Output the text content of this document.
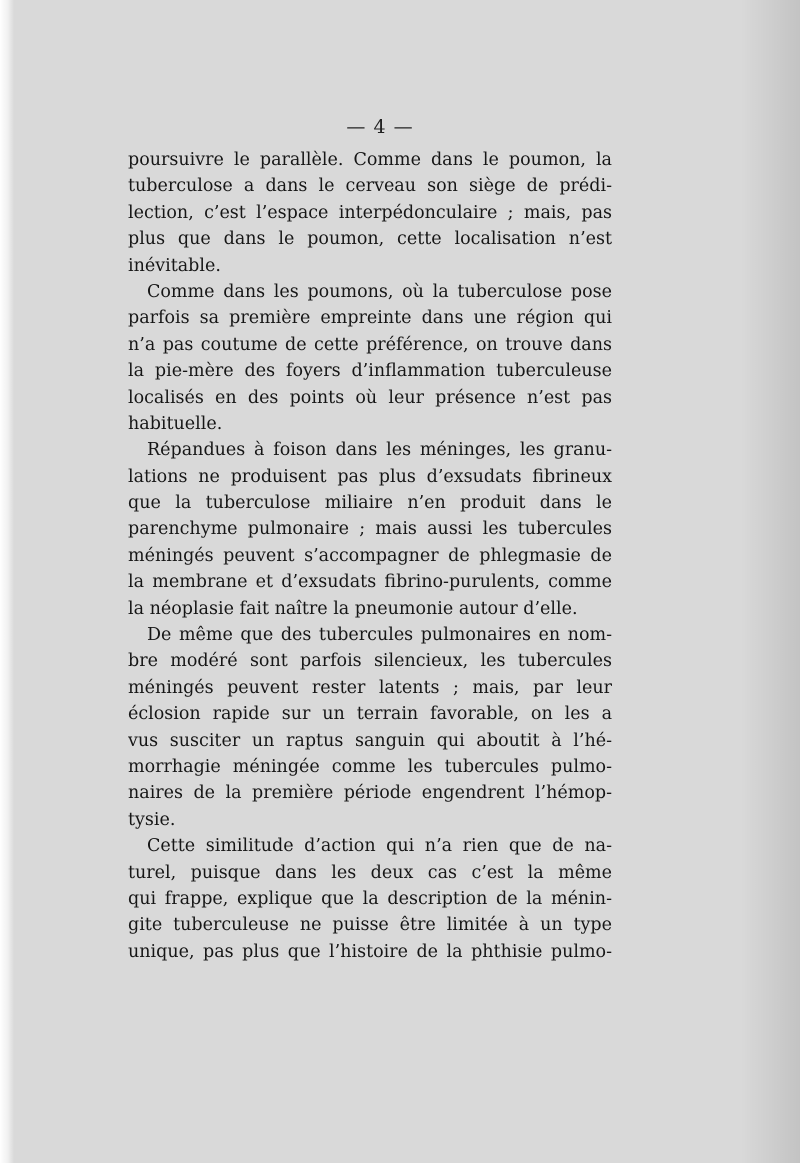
— 4 —

poursuivre le parallèle. Comme dans le poumon, la
tuberculose a dans le cerveau son siège de prédi-
lection, c’est l’espace interpédonculaire ; mais, pas
plus que dans le poumon, cette localisation n’est
inévitable.

Comme dans les poumons, où la tuberculose pose
parfois sa première empreinte dans une région qui
n’a pas coutume de cette préférence, on trouve dans
la pie-mère des foyers d’inflammation tuberculeuse
localisés en des points où leur présence n’est pas
habituelle.

Répandues à foison dans les méninges, les granu-
lations ne produisent pas plus d’exsudats fibrineux
que la tuberculose miliaire n’en produit dans le
parenchyme pulmonaire ; mais aussi les tubercules
méningés peuvent s’accompagner de phlegmasie de
la membrane et d’exsudats fibrino-purulents, comme
la néoplasie fait naître la pneumonie autour d’elle.

De même que des tubercules pulmonaires en nom-
bre modéré sont parfois silencieux, les tubercules
méningés peuvent rester latents ; mais, par leur
éclosion rapide sur un terrain favorable, on les a
vus susciter un raptus sanguin qui aboutit à l’hé-
morrhagie méningée comme les tubercules pulmo-
naires de la première période engendrent l’hémop-
tysie.

Cette similitude d’action qui n’a rien que de na-
turel, puisque dans les deux cas c’est la même
qui frappe, explique que la description de la ménin-
gite tuberculeuse ne puisse être limitée à un type
unique, pas plus que l’histoire de la phthisie pulmo-
